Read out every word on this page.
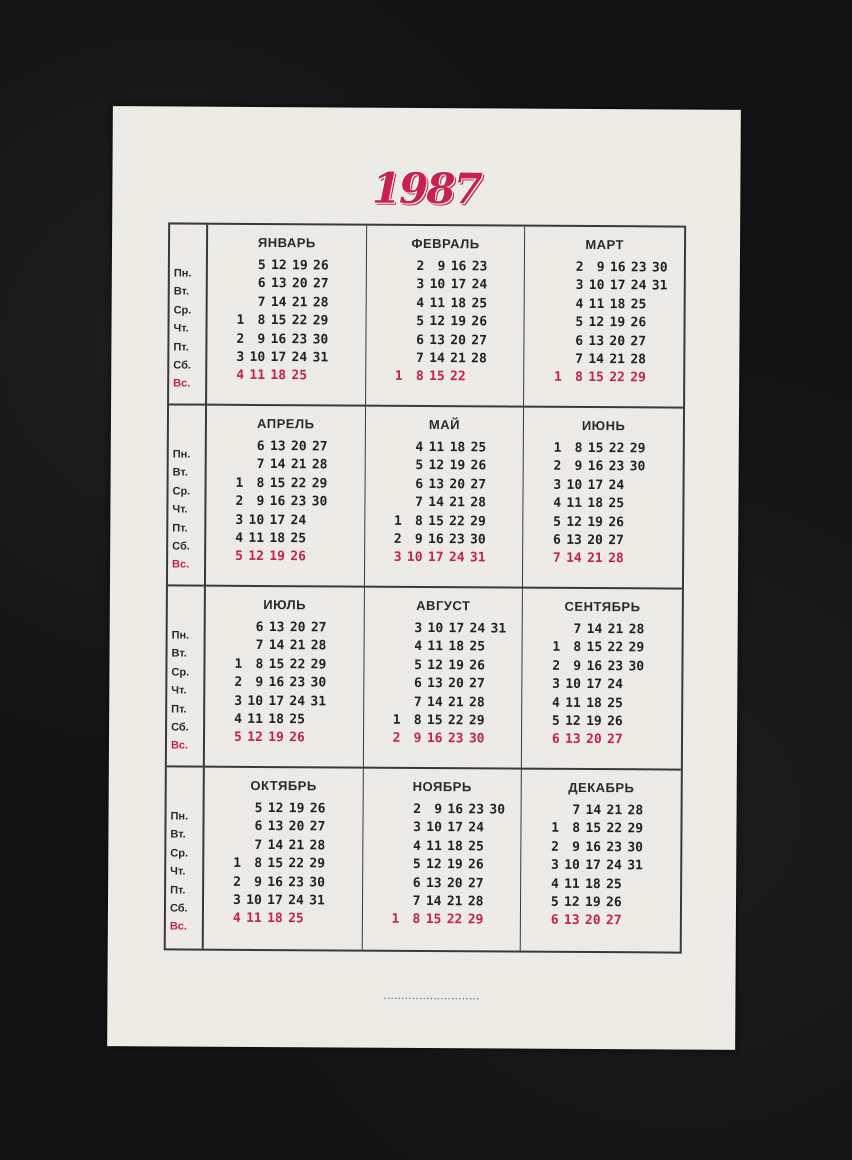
1987
Пн.
Вт.
Ср.
Чт.
Пт.
Сб.
Вс.
ЯНВАРЬ
5 12 19 26
6 13 20 27
7 14 21 28
1	8 15 22 29
2	9 16 23 30
3 10 17 24 31
4 11 18 25
ФЕВРАЛЬ
2	9 16 23
3 10 17 24
4 11 18 25
5 12 19 26
6 13 20 27
7 14 21 28
1	8 15 22
МАРТ
2	9 16 23 30
3 10 17 24 31
4 11 18 25
5 12 19 26
6 13 20 27
7 14 21 28
1	8 15 22 29
Пн.
Вт.
Ср.
Чт.
Пт.
Сб.
Вс.
АПРЕЛЬ
6 13 20 27
7 14 21 28
1	8 15 22 29
2	9 16 23 30
3 10 17 24
4 11 18 25
5 12 19 26
МАЙ
4 11 18 25
5 12 19 26
6 13 20 27
7 14 21 28
1	8 15 22 29
2	9 16 23 30
3 10 17 24 31
ИЮНЬ
1	8 15 22 29
2	9 16 23 30
3 10 17 24
4 11 18 25
5 12 19 26
6 13 20 27
7 14 21 28
Пн.
Вт.
Ср.
Чт.
Пт.
Сб.
Вс.
ИЮЛЬ
6 13 20 27
7 14 21 28
1	8 15 22 29
2	9 16 23 30
3 10 17 24 31
4 11 18 25
5 12 19 26
АВГУСТ
3 10 17 24 31
4 11 18 25
5 12 19 26
6 13 20 27
7 14 21 28
1	8 15 22 29
2	9 16 23 30
СЕНТЯБРЬ
7 14 21 28
1	8 15 22 29
2	9 16 23 30
3 10 17 24
4 11 18 25
5 12 19 26
6 13 20 27
Пн.
Вт.
Ср.
Чт.
Пт.
Сб.
Вс.
ОКТЯБРЬ
5 12 19 26
6 13 20 27
7 14 21 28
1	8 15 22 29
2	9 16 23 30
3 10 17 24 31
4 11 18 25
НОЯБРЬ
2	9 16 23 30
3 10 17 24
4 11 18 25
5 12 19 26
6 13 20 27
7 14 21 28
1	8 15 22 29
ДЕКАБРЬ
7 14 21 28
1	8 15 22 29
2	9 16 23 30
3 10 17 24 31
4 11 18 25
5 12 19 26
6 13 20 27
▪ ▪ ▪ ▪ ▪ ▪ ▪ ▪ ▪ ▪ ▪ ▪ ▪ ▪ ▪ ▪ ▪ ▪ ▪ ▪ ▪ ▪ ▪ ▪ ▪ ▪ ▪
